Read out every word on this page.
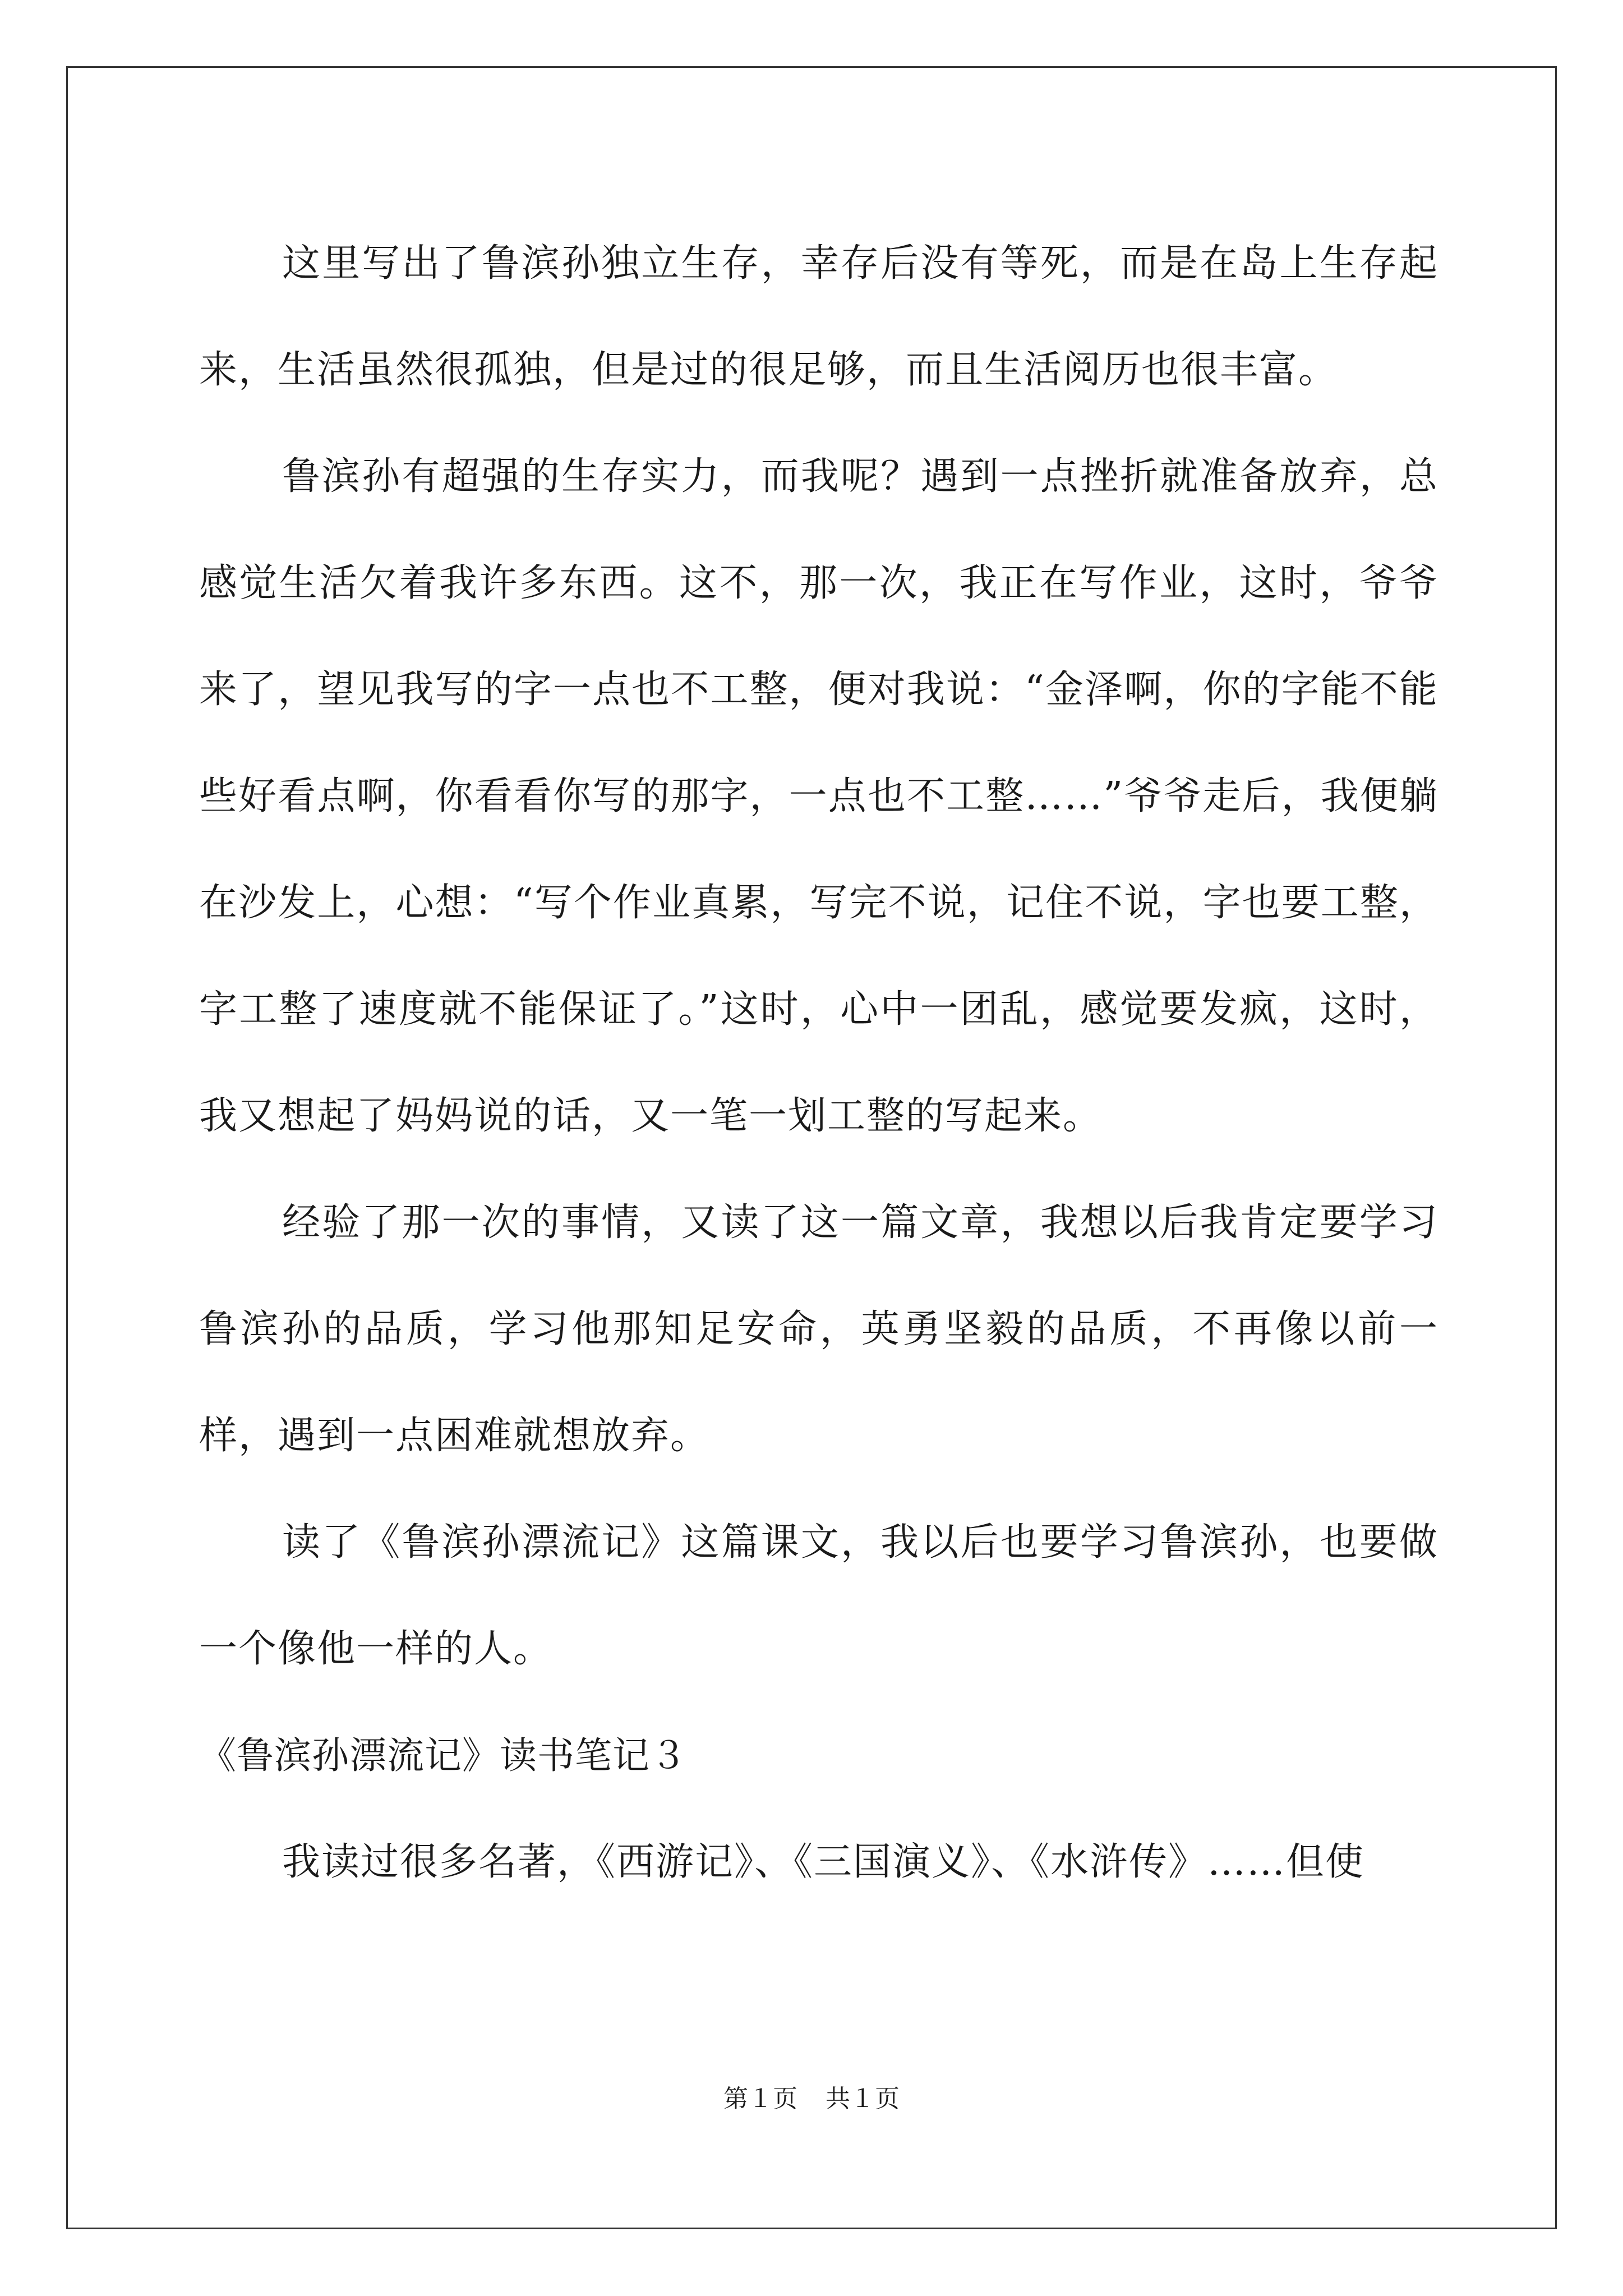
这里写出了鲁滨孙独立生存，幸存后没有等死，而是在岛上生存起来，生活虽然很孤独，但是过的很足够，而且生活阅历也很丰富。

鲁滨孙有超强的生存实力，而我呢？遇到一点挫折就准备放弃，总感觉生活欠着我许多东西。这不，那一次，我正在写作业，这时，爷爷来了，望见我写的字一点也不工整，便对我说：“金泽啊，你的字能不能些好看点啊，你看看你写的那字，一点也不工整……”爷爷走后，我便躺在沙发上，心想：“写个作业真累，写完不说，记住不说，字也要工整，字工整了速度就不能保证了。”这时，心中一团乱，感觉要发疯，这时，我又想起了妈妈说的话，又一笔一划工整的写起来。

经验了那一次的事情，又读了这一篇文章，我想以后我肯定要学习鲁滨孙的品质，学习他那知足安命，英勇坚毅的品质，不再像以前一样，遇到一点困难就想放弃。

读了《鲁滨孙漂流记》这篇课文，我以后也要学习鲁滨孙，也要做一个像他一样的人。

《鲁滨孙漂流记》读书笔记３

我读过很多名著，《西游记》、《三国演义》、《水浒传》……但使

第１页 共１页
